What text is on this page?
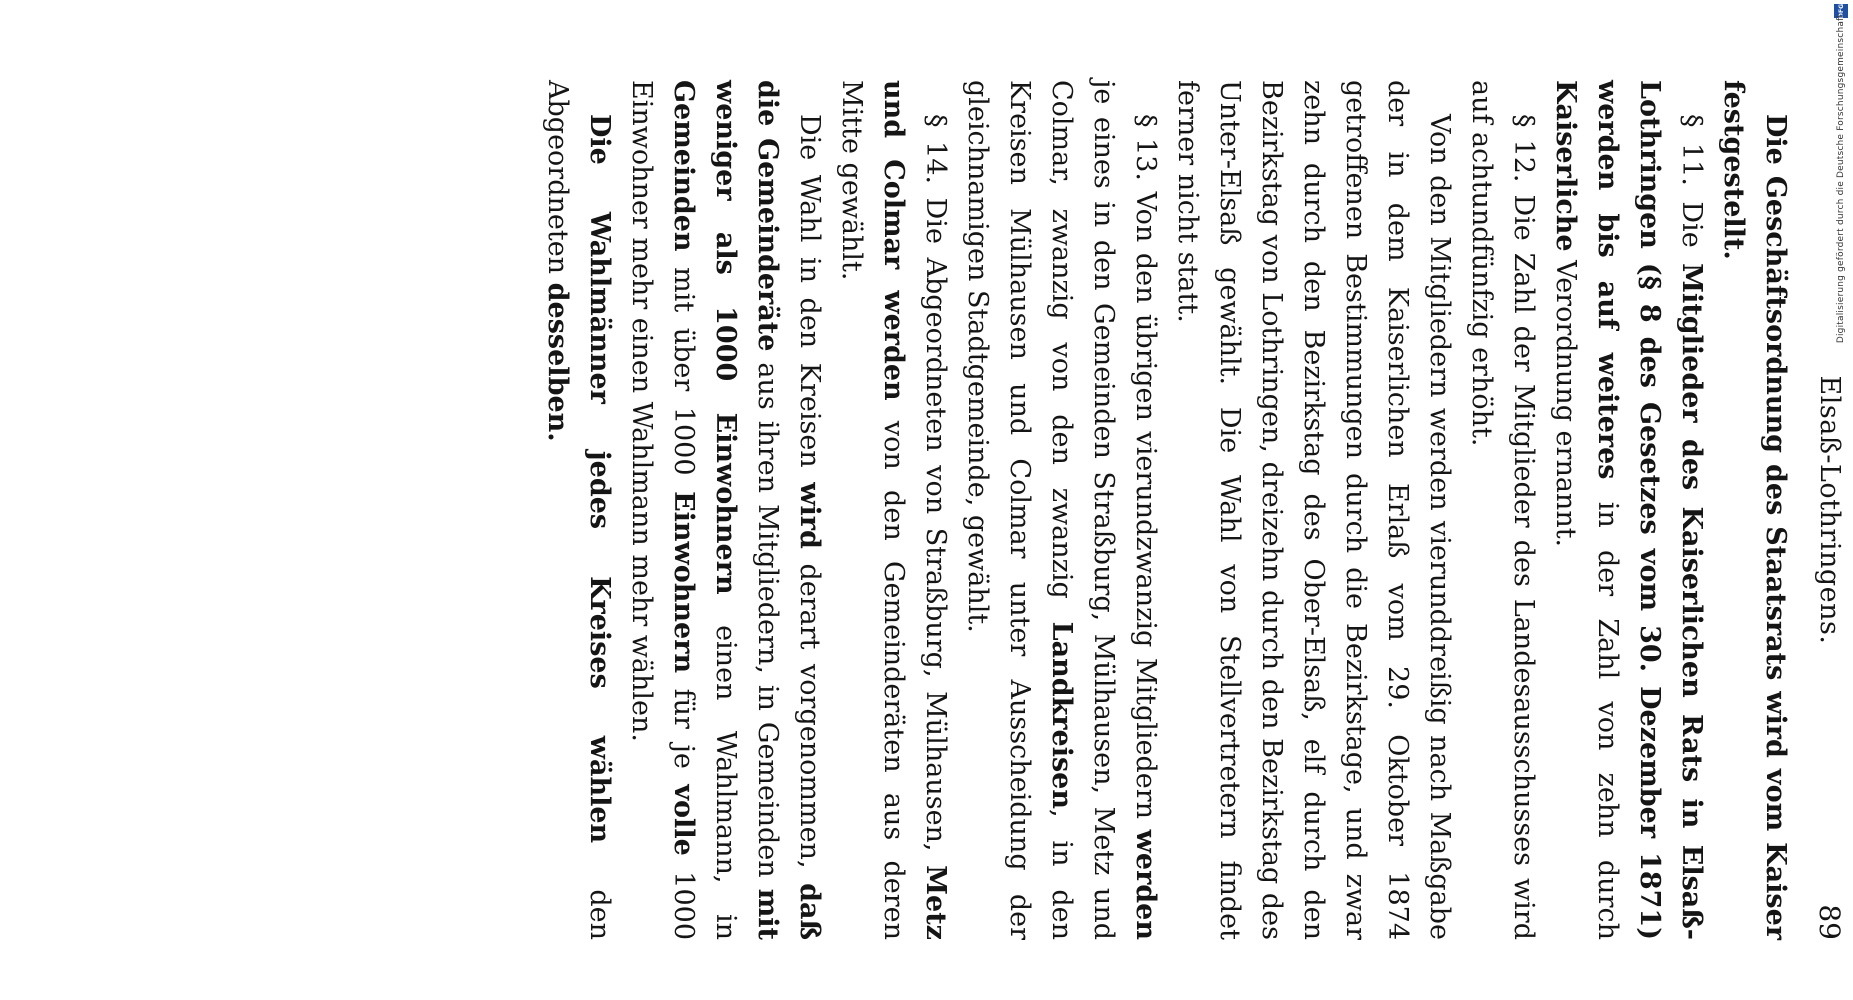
Elsaß-Lothringens.
89

Die Geschäftsordnung des Staatsrats wird vom Kaiser festgestellt.

§ 11. Die Mitglieder des Kaiserlichen Rats in Elsaß-Lothringen (§ 8 des Gesetzes vom 30. Dezember 1871) werden bis auf weiteres in der Zahl von zehn durch Kaiserliche Verordnung ernannt.

§ 12. Die Zahl der Mitglieder des Landesausschusses wird auf achtundfünfzig erhöht.

Von den Mitgliedern werden vierunddreißig nach Maßgabe der in dem Kaiserlichen Erlaß vom 29. Oktober 1874 getroffenen Bestimmungen durch die Bezirkstage, und zwar zehn durch den Bezirkstag des Ober-Elsaß, elf durch den Bezirkstag von Lothringen, dreizehn durch den Bezirkstag des Unter-Elsaß gewählt. Die Wahl von Stellvertretern findet ferner nicht statt.

§ 13. Von den übrigen vierundzwanzig Mitgliedern werden je eines in den Gemeinden Straßburg, Mülhausen, Metz und Colmar, zwanzig von den zwanzig Landkreisen, in den Kreisen Mülhausen und Colmar unter Ausscheidung der gleichnamigen Stadtgemeinde, gewählt.

§ 14. Die Abgeordneten von Straßburg, Mülhausen, Metz und Colmar werden von den Gemeinderäten aus deren Mitte gewählt.

Die Wahl in den Kreisen wird derart vorgenommen, daß die Gemeinderäte aus ihren Mitgliedern, in Gemeinden mit weniger als 1000 Einwohnern einen Wahlmann, in Gemeinden mit über 1000 Einwohnern für je volle 1000 Einwohner mehr einen Wahlmann mehr wählen.

Die Wahlmänner jedes Kreises wählen den Abgeordneten desselben.

DFG
Digitalisierung gefördert durch die Deutsche Forschungsgemeinschaft
